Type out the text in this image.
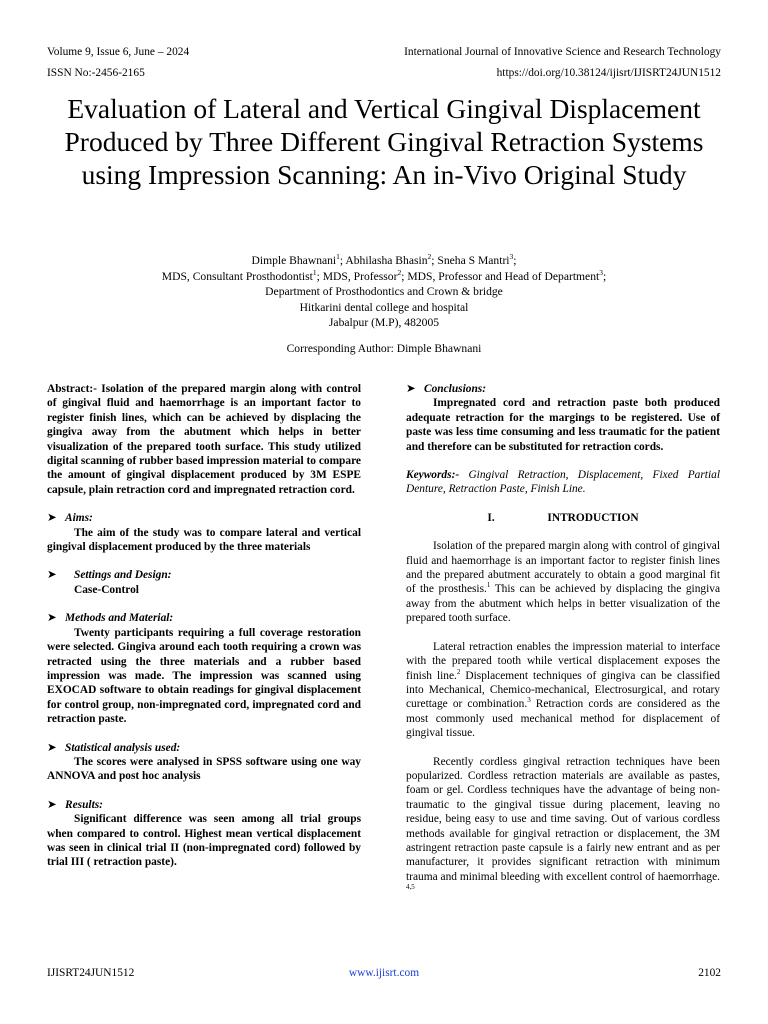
Volume 9, Issue 6, June – 2024	International Journal of Innovative Science and Research Technology
ISSN No:-2456-2165	https://doi.org/10.38124/ijisrt/IJISRT24JUN1512
Evaluation of Lateral and Vertical Gingival Displacement Produced by Three Different Gingival Retraction Systems using Impression Scanning: An in-Vivo Original Study
Dimple Bhawnani$^1$; Abhilasha Bhasin$^2$; Sneha S Mantri$^3$;
MDS, Consultant Prosthodontist$^1$; MDS, Professor$^2$; MDS, Professor and Head of Department$^3$;
Department of Prosthodontics and Crown & bridge
Hitkarini dental college and hospital
Jabalpur (M.P), 482005
Corresponding Author: Dimple Bhawnani

Abstract:- Isolation of the prepared margin along with control of gingival fluid and haemorrhage is an important factor to register finish lines, which can be achieved by displacing the gingiva away from the abutment which helps in better visualization of the prepared tooth surface. This study utilized digital scanning of rubber based impression material to compare the amount of gingival displacement produced by 3M ESPE capsule, plain retraction cord and impregnated retraction cord.

➤ Aims:

The aim of the study was to compare lateral and vertical gingival displacement produced by the three materials

➤ Settings and Design:

Case-Control

➤ Methods and Material:

Twenty participants requiring a full coverage restoration were selected. Gingiva around each tooth requiring a crown was retracted using the three materials and a rubber based impression was made. The impression was scanned using EXOCAD software to obtain readings for gingival displacement for control group, non-impregnated cord, impregnated cord and retraction paste.

➤ Statistical analysis used:

The scores were analysed in SPSS software using one way ANNOVA and post hoc analysis

➤ Results:

Significant difference was seen among all trial groups when compared to control. Highest mean vertical displacement was seen in clinical trial II (non-impregnated cord) followed by trial III ( retraction paste).

➤ Conclusions:

Impregnated cord and retraction paste both produced adequate retraction for the margings to be registered. Use of paste was less time consuming and less traumatic for the patient and therefore can be substituted for retraction cords.

Keywords:- Gingival Retraction, Displacement, Fixed Partial Denture, Retraction Paste, Finish Line.

I.	INTRODUCTION

Isolation of the prepared margin along with control of gingival fluid and haemorrhage is an important factor to register finish lines and the prepared abutment accurately to obtain a good marginal fit of the prosthesis.$^1$ This can be achieved by displacing the gingiva away from the abutment which helps in better visualization of the prepared tooth surface.

Lateral retraction enables the impression material to interface with the prepared tooth while vertical displacement exposes the finish line.$^2$ Displacement techniques of gingiva can be classified into Mechanical, Chemico-mechanical, Electrosurgical, and rotary curettage or combination.$^3$ Retraction cords are considered as the most commonly used mechanical method for displacement of gingival tissue.

Recently cordless gingival retraction techniques have been popularized. Cordless retraction materials are available as pastes, foam or gel. Cordless techniques have the advantage of being non-traumatic to the gingival tissue during placement, leaving no residue, being easy to use and time saving. Out of various cordless methods available for gingival retraction or displacement, the 3M astringent retraction paste capsule is a fairly new entrant and as per manufacturer, it provides significant retraction with minimum trauma and minimal bleeding with excellent control of haemorrhage. $^{4,5}$

IJISRT24JUN1512	www.ijisrt.com	2102
